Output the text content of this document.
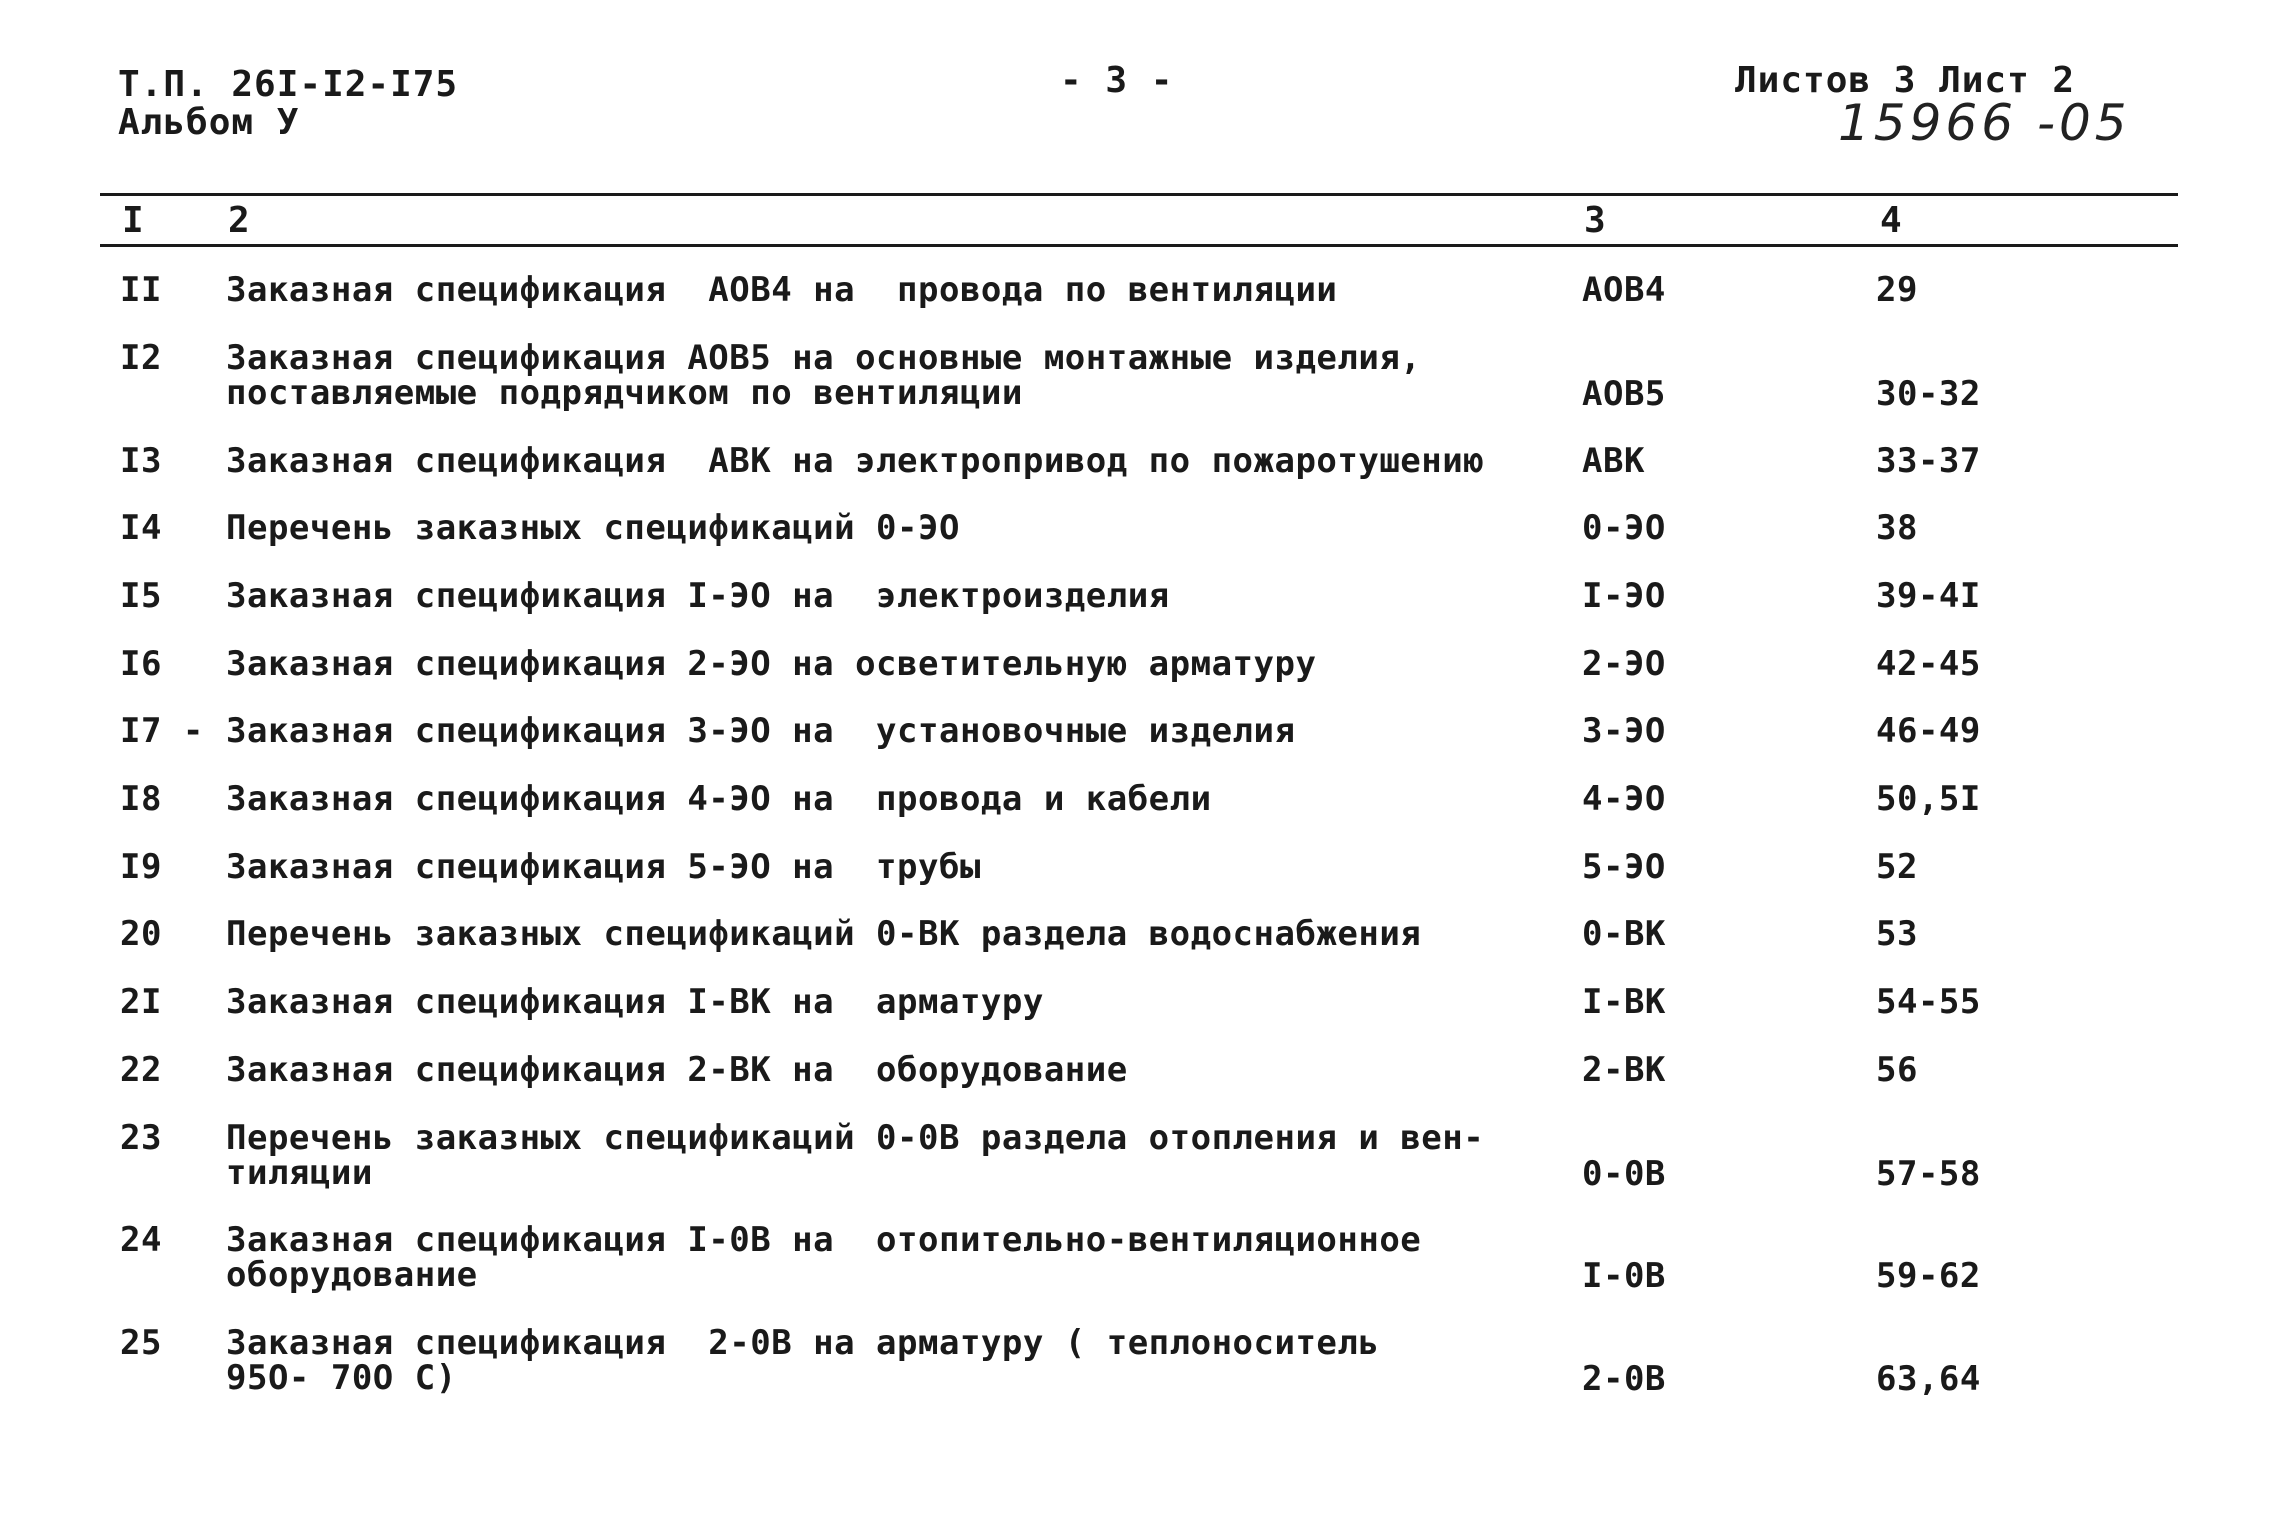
Т.П. 26I-I2-I75
Альбом У
- 3 -	Листов 3 Лист 2
15966 -05
I 2	3	4
II Заказная спецификация  АОВ4 на  провода по вентиляции	АОВ4	29
I2 Заказная спецификация АОВ5 на основные монтажные изделия,
поставляемые подрядчиком по вентиляции	АОВ5	30-32
I3 Заказная спецификация  АВК на электропривод по пожаротушению	АВК	33-37
I4 Перечень заказных спецификаций 0-ЭО	0-ЭО	38
I5 Заказная спецификация I-ЭО на  электроизделия	I-ЭО	39-4I
I6 Заказная спецификация 2-ЭО на осветительную арматуру	2-ЭО	42-45
I7 - Заказная спецификация 3-ЭО на  установочные изделия	3-ЭО	46-49
I8 Заказная спецификация 4-ЭО на  провода и кабели	4-ЭО	50,5I
I9 Заказная спецификация 5-ЭО на  трубы	5-ЭО	52
20 Перечень заказных спецификаций 0-ВК раздела водоснабжения	0-ВК	53
2I Заказная спецификация I-ВК на  арматуру	I-ВК	54-55
22 Заказная спецификация 2-ВК на  оборудование	2-ВК	56
23 Перечень заказных спецификаций 0-0В раздела отопления и вен-
тиляции	0-0В	57-58
24 Заказная спецификация I-0В на  отопительно-вентиляционное
оборудование	I-0В	59-62
25 Заказная спецификация  2-0В на арматуру ( теплоноситель
95О- 70О С)	2-0В	63,64
